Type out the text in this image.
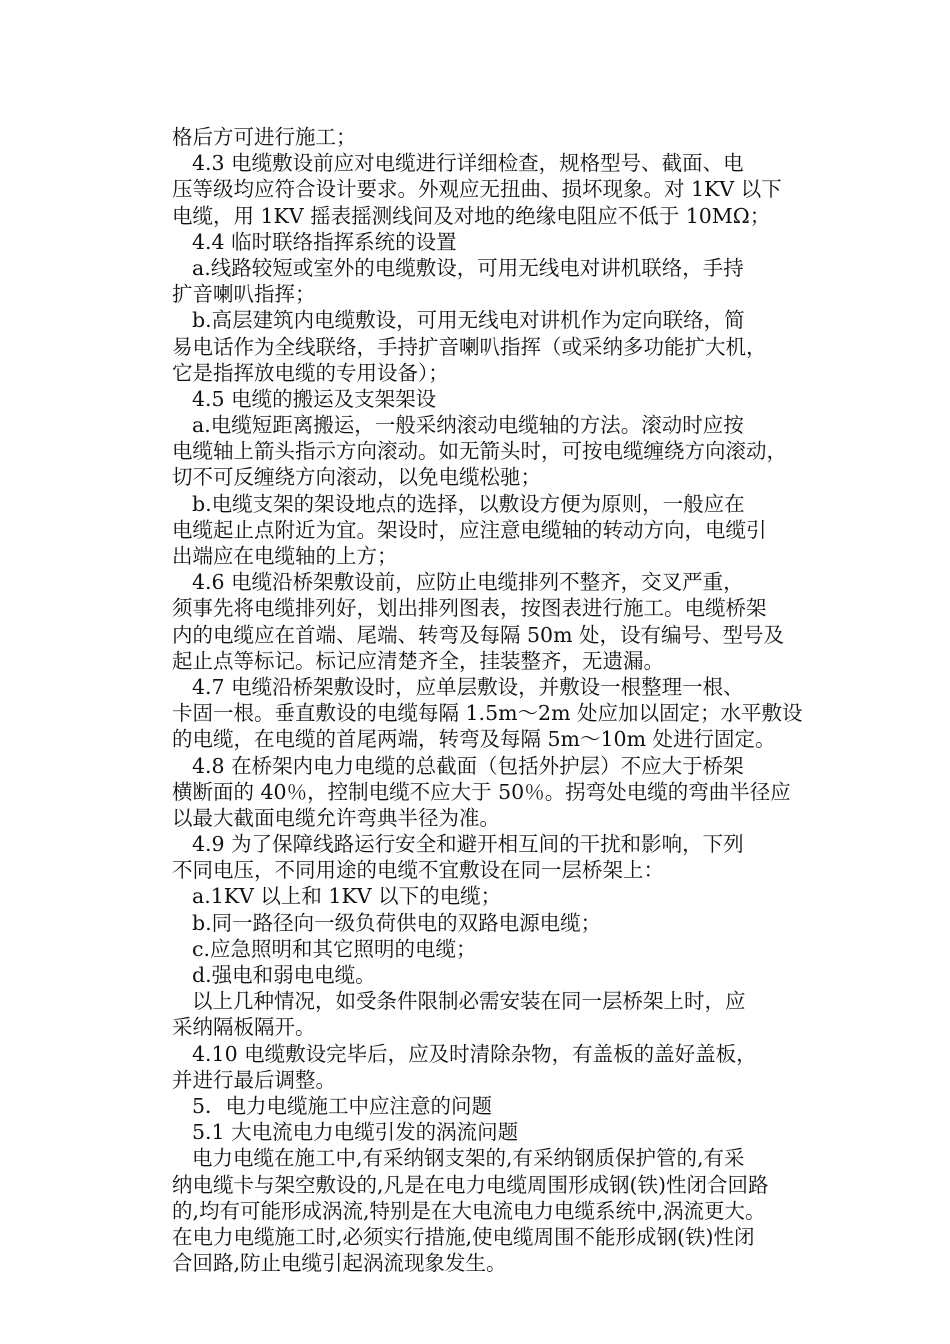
格后方可进行施工；
4.3 电缆敷设前应对电缆进行详细检查，规格型号、截面、电
压等级均应符合设计要求。外观应无扭曲、损坏现象。对 1KV 以下
电缆，用 1KV 摇表摇测线间及对地的绝缘电阻应不低于 10MΩ；
4.4 临时联络指挥系统的设置
a.线路较短或室外的电缆敷设，可用无线电对讲机联络，手持
扩音喇叭指挥；
b.高层建筑内电缆敷设，可用无线电对讲机作为定向联络，简
易电话作为全线联络，手持扩音喇叭指挥（或采纳多功能扩大机，
它是指挥放电缆的专用设备）；
4.5 电缆的搬运及支架架设
a.电缆短距离搬运，一般采纳滚动电缆轴的方法。滚动时应按
电缆轴上箭头指示方向滚动。如无箭头时，可按电缆缠绕方向滚动，
切不可反缠绕方向滚动，以免电缆松驰；
b.电缆支架的架设地点的选择，以敷设方便为原则，一般应在
电缆起止点附近为宜。架设时，应注意电缆轴的转动方向，电缆引
出端应在电缆轴的上方；
4.6 电缆沿桥架敷设前，应防止电缆排列不整齐，交叉严重，
须事先将电缆排列好，划出排列图表，按图表进行施工。电缆桥架
内的电缆应在首端、尾端、转弯及每隔 50m 处，设有编号、型号及
起止点等标记。标记应清楚齐全，挂装整齐，无遗漏。
4.7 电缆沿桥架敷设时，应单层敷设，并敷设一根整理一根、
卡固一根。垂直敷设的电缆每隔 1.5m～2m 处应加以固定；水平敷设
的电缆，在电缆的首尾两端，转弯及每隔 5m～10m 处进行固定。
4.8 在桥架内电力电缆的总截面（包括外护层）不应大于桥架
横断面的 40％，控制电缆不应大于 50％。拐弯处电缆的弯曲半径应
以最大截面电缆允许弯典半径为准。
4.9 为了保障线路运行安全和避开相互间的干扰和影响，下列
不同电压，不同用途的电缆不宜敷设在同一层桥架上：
a.1KV 以上和 1KV 以下的电缆；
b.同一路径向一级负荷供电的双路电源电缆；
c.应急照明和其它照明的电缆；
d.强电和弱电电缆。
以上几种情况，如受条件限制必需安装在同一层桥架上时，应
采纳隔板隔开。
4.10 电缆敷设完毕后，应及时清除杂物，有盖板的盖好盖板，
并进行最后调整。
5．电力电缆施工中应注意的问题
5.1 大电流电力电缆引发的涡流问题
电力电缆在施工中,有采纳钢支架的,有采纳钢质保护管的,有采
纳电缆卡与架空敷设的,凡是在电力电缆周围形成钢(铁)性闭合回路
的,均有可能形成涡流,特别是在大电流电力电缆系统中,涡流更大。
在电力电缆施工时,必须实行措施,使电缆周围不能形成钢(铁)性闭
合回路,防止电缆引起涡流现象发生。
